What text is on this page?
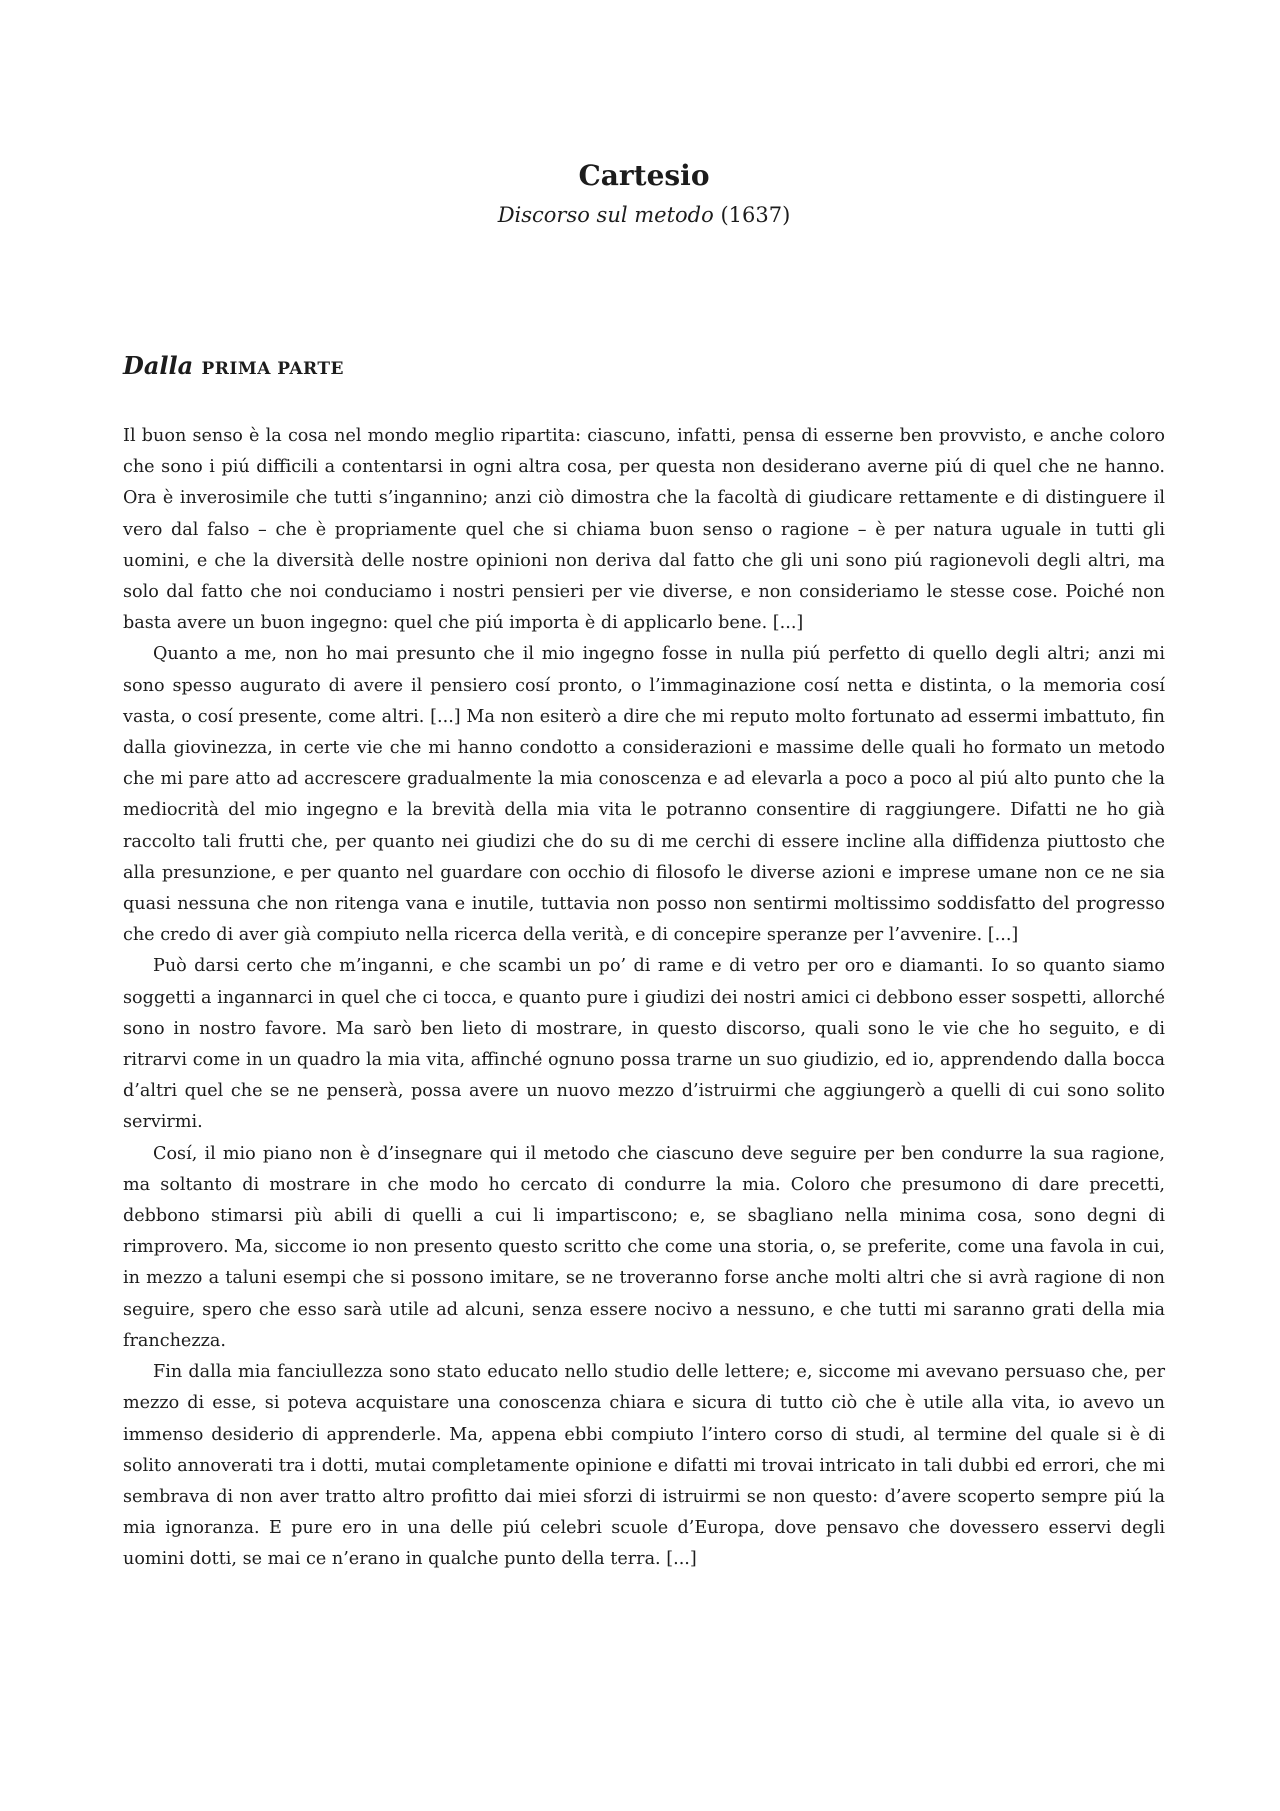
Cartesio
Discorso sul metodo (1637)
Dalla PRIMA PARTE

Il buon senso è la cosa nel mondo meglio ripartita: ciascuno, infatti, pensa di esserne ben provvisto, e anche coloro che sono i piú difficili a contentarsi in ogni altra cosa, per questa non desiderano averne piú di quel che ne hanno. Ora è inverosimile che tutti s’ingannino; anzi ciò dimostra che la facoltà di giudicare rettamente e di distinguere il vero dal falso – che è propriamente quel che si chiama buon senso o ragione – è per natura uguale in tutti gli uomini, e che la diversità delle nostre opinioni non deriva dal fatto che gli uni sono piú ragionevoli degli altri, ma solo dal fatto che noi conduciamo i nostri pensieri per vie diverse, e non consideriamo le stesse cose. Poiché non basta avere un buon ingegno: quel che piú importa è di applicarlo bene. [...]

Quanto a me, non ho mai presunto che il mio ingegno fosse in nulla piú perfetto di quello degli altri; anzi mi sono spesso augurato di avere il pensiero cosí pronto, o l’immaginazione cosí netta e distinta, o la memoria cosí vasta, o cosí presente, come altri. [...] Ma non esiterò a dire che mi reputo molto fortunato ad essermi imbattuto, fin dalla giovinezza, in certe vie che mi hanno condotto a considerazioni e massime delle quali ho formato un metodo che mi pare atto ad accrescere gradualmente la mia conoscenza e ad elevarla a poco a poco al piú alto punto che la mediocrità del mio ingegno e la brevità della mia vita le potranno consentire di raggiungere. Difatti ne ho già raccolto tali frutti che, per quanto nei giudizi che do su di me cerchi di essere incline alla diffidenza piuttosto che alla presunzione, e per quanto nel guardare con occhio di filosofo le diverse azioni e imprese umane non ce ne sia quasi nessuna che non ritenga vana e inutile, tuttavia non posso non sentirmi moltissimo soddisfatto del progresso che credo di aver già compiuto nella ricerca della verità, e di concepire speranze per l’avvenire. [...]

Può darsi certo che m’inganni, e che scambi un po’ di rame e di vetro per oro e diamanti. Io so quanto siamo soggetti a ingannarci in quel che ci tocca, e quanto pure i giudizi dei nostri amici ci debbono esser sospetti, allorché sono in nostro favore. Ma sarò ben lieto di mostrare, in questo discorso, quali sono le vie che ho seguito, e di ritrarvi come in un quadro la mia vita, affinché ognuno possa trarne un suo giudizio, ed io, apprendendo dalla bocca d’altri quel che se ne penserà, possa avere un nuovo mezzo d’istruirmi che aggiungerò a quelli di cui sono solito servirmi.

Cosí, il mio piano non è d’insegnare qui il metodo che ciascuno deve seguire per ben condurre la sua ragione, ma soltanto di mostrare in che modo ho cercato di condurre la mia. Coloro che presumono di dare precetti, debbono stimarsi più abili di quelli a cui li impartiscono; e, se sbagliano nella minima cosa, sono degni di rimprovero. Ma, siccome io non presento questo scritto che come una storia, o, se preferite, come una favola in cui, in mezzo a taluni esempi che si possono imitare, se ne troveranno forse anche molti altri che si avrà ragione di non seguire, spero che esso sarà utile ad alcuni, senza essere nocivo a nessuno, e che tutti mi saranno grati della mia franchezza.

Fin dalla mia fanciullezza sono stato educato nello studio delle lettere; e, siccome mi avevano persuaso che, per mezzo di esse, si poteva acquistare una conoscenza chiara e sicura di tutto ciò che è utile alla vita, io avevo un immenso desiderio di apprenderle. Ma, appena ebbi compiuto l’intero corso di studi, al termine del quale si è di solito annoverati tra i dotti, mutai completamente opinione e difatti mi trovai intricato in tali dubbi ed errori, che mi sembrava di non aver tratto altro profitto dai miei sforzi di istruirmi se non questo: d’avere scoperto sempre piú la mia ignoranza. E pure ero in una delle piú celebri scuole d’Europa, dove pensavo che dovessero esservi degli uomini dotti, se mai ce n’erano in qualche punto della terra. [...]
